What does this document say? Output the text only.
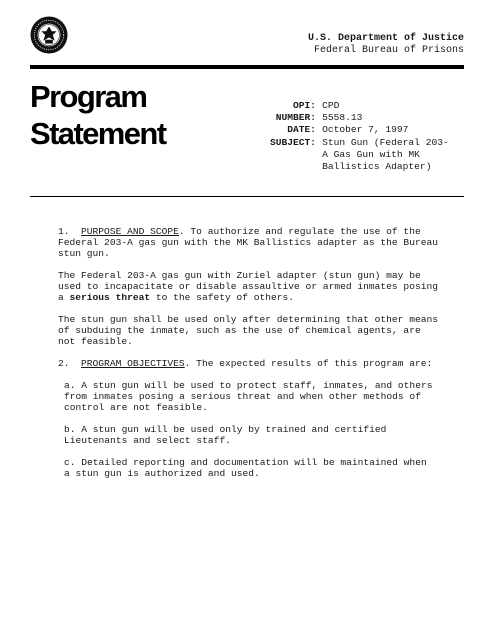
U.S. Department of Justice
Federal Bureau of Prisons
Program
Statement
OPI:	CPD
NUMBER:	5558.13
DATE:	October 7, 1997
SUBJECT:	Stun Gun (Federal 203-A Gas Gun with MK Ballistics Adapter)

1. PURPOSE AND SCOPE. To authorize and regulate the use of the Federal 203-A gas gun with the MK Ballistics adapter as the Bureau stun gun.

The Federal 203-A gas gun with Zuriel adapter (stun gun) may be used to incapacitate or disable assaultive or armed inmates posing a serious threat to the safety of others.

The stun gun shall be used only after determining that other means of subduing the inmate, such as the use of chemical agents, are not feasible.

2. PROGRAM OBJECTIVES. The expected results of this program are:

a. A stun gun will be used to protect staff, inmates, and others from inmates posing a serious threat and when other methods of control are not feasible.

b. A stun gun will be used only by trained and certified Lieutenants and select staff.

c. Detailed reporting and documentation will be maintained when a stun gun is authorized and used.
